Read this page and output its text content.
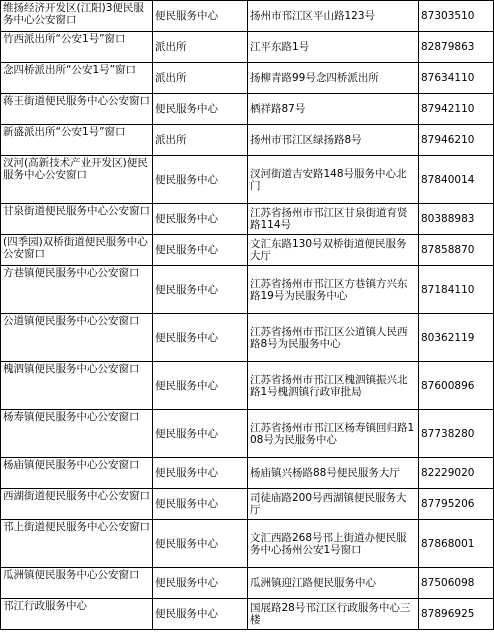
维扬经济开发区(江阳)3便民服务中心公安窗口	便民服务中心	扬州市邗江区平山路123号	87303510
竹西派出所“公安1号”窗口	派出所	江平东路1号	82879863
念四桥派出所“公安1号”窗口	派出所	扬柳青路99号念四桥派出所	87634110
蒋王街道便民服务中心公安窗口	便民服务中心	栖祥路87号	87942110
新盛派出所“公安1号”窗口	派出所	扬州市邗江区绿扬路8号	87946210
汊河(高新技术产业开发区)便民服务中心公安窗口	便民服务中心	汊河街道吉安路148号服务中心北门	87840014
甘泉街道便民服务中心公安窗口	便民服务中心	江苏省扬州市邗江区甘泉街道育贤路114号	80388983
(四季园)双桥街道便民服务中心公安窗口	便民服务中心	文汇东路130号双桥街道便民服务大厅	87858870
方巷镇便民服务中心公安窗口	便民服务中心	江苏省扬州市邗江区方巷镇方兴东路19号为民服务中心	87184110
公道镇便民服务中心公安窗口	便民服务中心	江苏省扬州市邗江区公道镇人民西路8号为民服务中心	80362119
槐泗镇便民服务中心公安窗口	便民服务中心	江苏省扬州市邗江区槐泗镇振兴北路1号槐泗镇行政审批局	87600896
杨寿镇便民服务中心公安窗口	便民服务中心	江苏省扬州市邗江区杨寿镇回归路108号为民服务中心	87738280
杨庙镇便民服务中心公安窗口	便民服务中心	杨庙镇兴杨路88号便民服务大厅	82229020
西湖街道便民服务中心公安窗口	便民服务中心	司徒庙路200号西湖镇便民服务大厅	87795206
邗上街道便民服务中心公安窗口	便民服务中心	文汇西路268号邗上街道办便民服务中心扬州公安1号窗口	87868001
瓜洲镇便民服务中心公安窗口	便民服务中心	瓜洲镇迎江路便民服务中心	87506098
邗江行政服务中心	便民服务中心	国展路28号邗江区行政服务中心三楼	87896925
